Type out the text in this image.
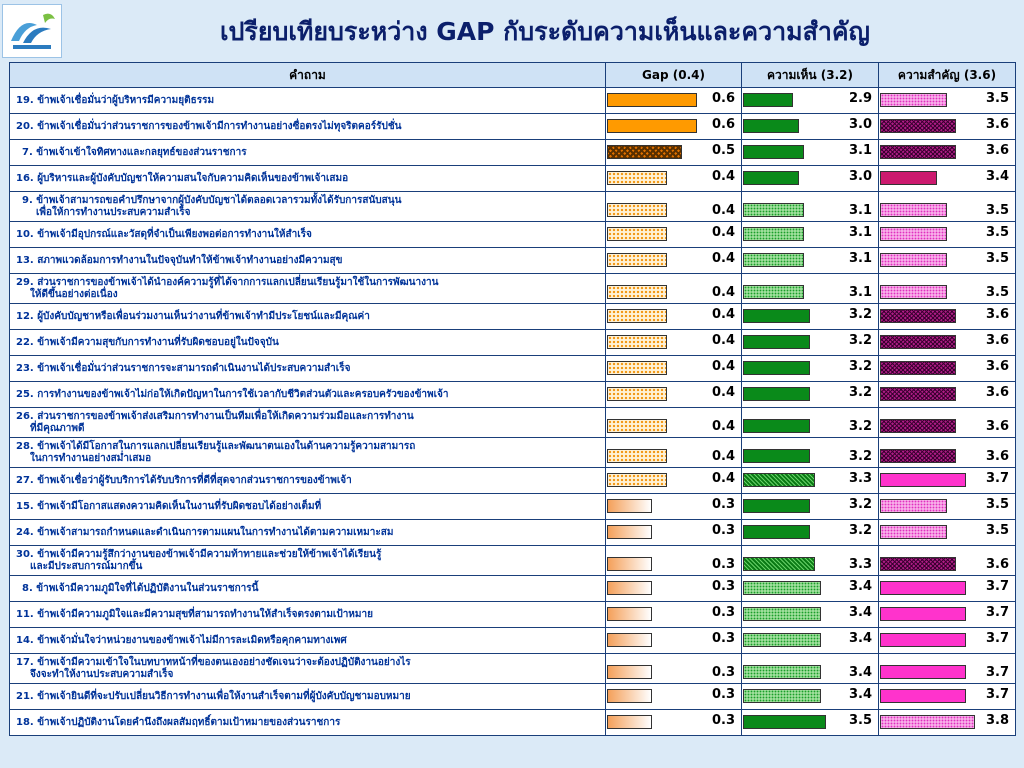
เปรียบเทียบระหว่าง GAP กับระดับความเห็นและความสำคัญ
คำถาม	Gap (0.4)	ความเห็น (3.2)	ความสำคัญ (3.6)
19. ข้าพเจ้าเชื่อมั่นว่าผู้บริหารมีความยุติธรรม	0.6	2.9	3.5

20. ข้าพเจ้าเชื่อมั่นว่าส่วนราชการของข้าพเจ้ามีการทำงานอย่างซื่อตรงไม่ทุจริตคอร์รัปชั่น	0.6	3.0	3.6

7. ข้าพเจ้าเข้าใจทิศทางและกลยุทธ์ของส่วนราชการ	0.5	3.1	3.6

16. ผู้บริหารและผู้บังคับบัญชาให้ความสนใจกับความคิดเห็นของข้าพเจ้าเสมอ	0.4	3.0	3.4

9. ข้าพเจ้าสามารถขอคำปรึกษาจากผู้บังคับบัญชาได้ตลอดเวลารวมทั้งได้รับการสนับสนุน
เพื่อให้การทำงานประสบความสำเร็จ	0.4	3.1	3.5

10. ข้าพเจ้ามีอุปกรณ์และวัสดุที่จำเป็นเพียงพอต่อการทำงานให้สำเร็จ	0.4	3.1	3.5

13. สภาพแวดล้อมการทำงานในปัจจุบันทำให้ข้าพเจ้าทำงานอย่างมีความสุข	0.4	3.1	3.5

29. ส่วนราชการของข้าพเจ้าได้นำองค์ความรู้ที่ได้จากการแลกเปลี่ยนเรียนรู้มาใช้ในการพัฒนางาน
ให้ดีขึ้นอย่างต่อเนื่อง	0.4	3.1	3.5

12. ผู้บังคับบัญชาหรือเพื่อนร่วมงานเห็นว่างานที่ข้าพเจ้าทำมีประโยชน์และมีคุณค่า	0.4	3.2	3.6

22. ข้าพเจ้ามีความสุขกับการทำงานที่รับผิดชอบอยู่ในปัจจุบัน	0.4	3.2	3.6

23. ข้าพเจ้าเชื่อมั่นว่าส่วนราชการจะสามารถดำเนินงานได้ประสบความสำเร็จ	0.4	3.2	3.6

25. การทำงานของข้าพเจ้าไม่ก่อให้เกิดปัญหาในการใช้เวลากับชีวิตส่วนตัวและครอบครัวของข้าพเจ้า	0.4	3.2	3.6

26. ส่วนราชการของข้าพเจ้าส่งเสริมการทำงานเป็นทีมเพื่อให้เกิดความร่วมมือและการทำงาน
ที่มีคุณภาพดี	0.4	3.2	3.6

28. ข้าพเจ้าได้มีโอกาสในการแลกเปลี่ยนเรียนรู้และพัฒนาตนเองในด้านความรู้ความสามารถ
ในการทำงานอย่างสม่ำเสมอ	0.4	3.2	3.6

27. ข้าพเจ้าเชื่อว่าผู้รับบริการได้รับบริการที่ดีที่สุดจากส่วนราชการของข้าพเจ้า	0.4	3.3	3.7

15. ข้าพเจ้ามีโอกาสแสดงความคิดเห็นในงานที่รับผิดชอบได้อย่างเต็มที่	0.3	3.2	3.5

24. ข้าพเจ้าสามารถกำหนดและดำเนินการตามแผนในการทำงานได้ตามความเหมาะสม	0.3	3.2	3.5

30. ข้าพเจ้ามีความรู้สึกว่างานของข้าพเจ้ามีความท้าทายและช่วยให้ข้าพเจ้าได้เรียนรู้
และมีประสบการณ์มากขึ้น	0.3	3.3	3.6

8. ข้าพเจ้ามีความภูมิใจที่ได้ปฏิบัติงานในส่วนราชการนี้	0.3	3.4	3.7

11. ข้าพเจ้ามีความภูมิใจและมีความสุขที่สามารถทำงานให้สำเร็จตรงตามเป้าหมาย	0.3	3.4	3.7

14. ข้าพเจ้ามั่นใจว่าหน่วยงานของข้าพเจ้าไม่มีการละเมิดหรือคุกคามทางเพศ	0.3	3.4	3.7

17. ข้าพเจ้ามีความเข้าใจในบทบาทหน้าที่ของตนเองอย่างชัดเจนว่าจะต้องปฏิบัติงานอย่างไร
จึงจะทำให้งานประสบความสำเร็จ	0.3	3.4	3.7

21. ข้าพเจ้ายินดีที่จะปรับเปลี่ยนวิธีการทำงานเพื่อให้งานสำเร็จตามที่ผู้บังคับบัญชามอบหมาย	0.3	3.4	3.7

18. ข้าพเจ้าปฏิบัติงานโดยคำนึงถึงผลสัมฤทธิ์ตามเป้าหมายของส่วนราชการ	0.3	3.5	3.8
